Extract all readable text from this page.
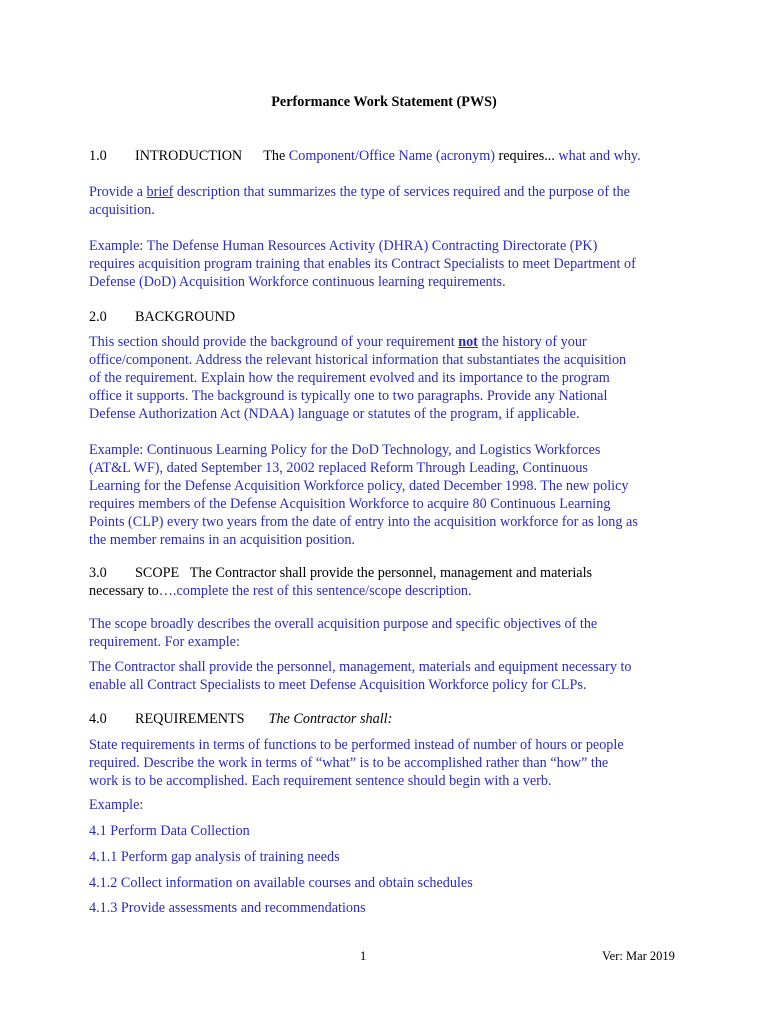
Performance Work Statement (PWS)

1.0 INTRODUCTION The Component/Office Name (acronym) requires... what and why.

Provide a brief description that summarizes the type of services required and the purpose of the

acquisition.

Example: The Defense Human Resources Activity (DHRA) Contracting Directorate (PK)

requires acquisition program training that enables its Contract Specialists to meet Department of

Defense (DoD) Acquisition Workforce continuous learning requirements.

2.0 BACKGROUND

This section should provide the background of your requirement not the history of your

office/component. Address the relevant historical information that substantiates the acquisition

of the requirement. Explain how the requirement evolved and its importance to the program

office it supports. The background is typically one to two paragraphs. Provide any National

Defense Authorization Act (NDAA) language or statutes of the program, if applicable.

Example: Continuous Learning Policy for the DoD Technology, and Logistics Workforces

(AT&L WF), dated September 13, 2002 replaced Reform Through Leading, Continuous

Learning for the Defense Acquisition Workforce policy, dated December 1998. The new policy

requires members of the Defense Acquisition Workforce to acquire 80 Continuous Learning

Points (CLP) every two years from the date of entry into the acquisition workforce for as long as

the member remains in an acquisition position.

3.0 SCOPE The Contractor shall provide the personnel, management and materials

necessary to….complete the rest of this sentence/scope description.

The scope broadly describes the overall acquisition purpose and specific objectives of the

requirement. For example:

The Contractor shall provide the personnel, management, materials and equipment necessary to

enable all Contract Specialists to meet Defense Acquisition Workforce policy for CLPs.

4.0 REQUIREMENTS The Contractor shall:

State requirements in terms of functions to be performed instead of number of hours or people

required. Describe the work in terms of “what” is to be accomplished rather than “how” the

work is to be accomplished. Each requirement sentence should begin with a verb.

Example:

4.1 Perform Data Collection

4.1.1 Perform gap analysis of training needs

4.1.2 Collect information on available courses and obtain schedules

4.1.3 Provide assessments and recommendations

1	Ver: Mar 2019
